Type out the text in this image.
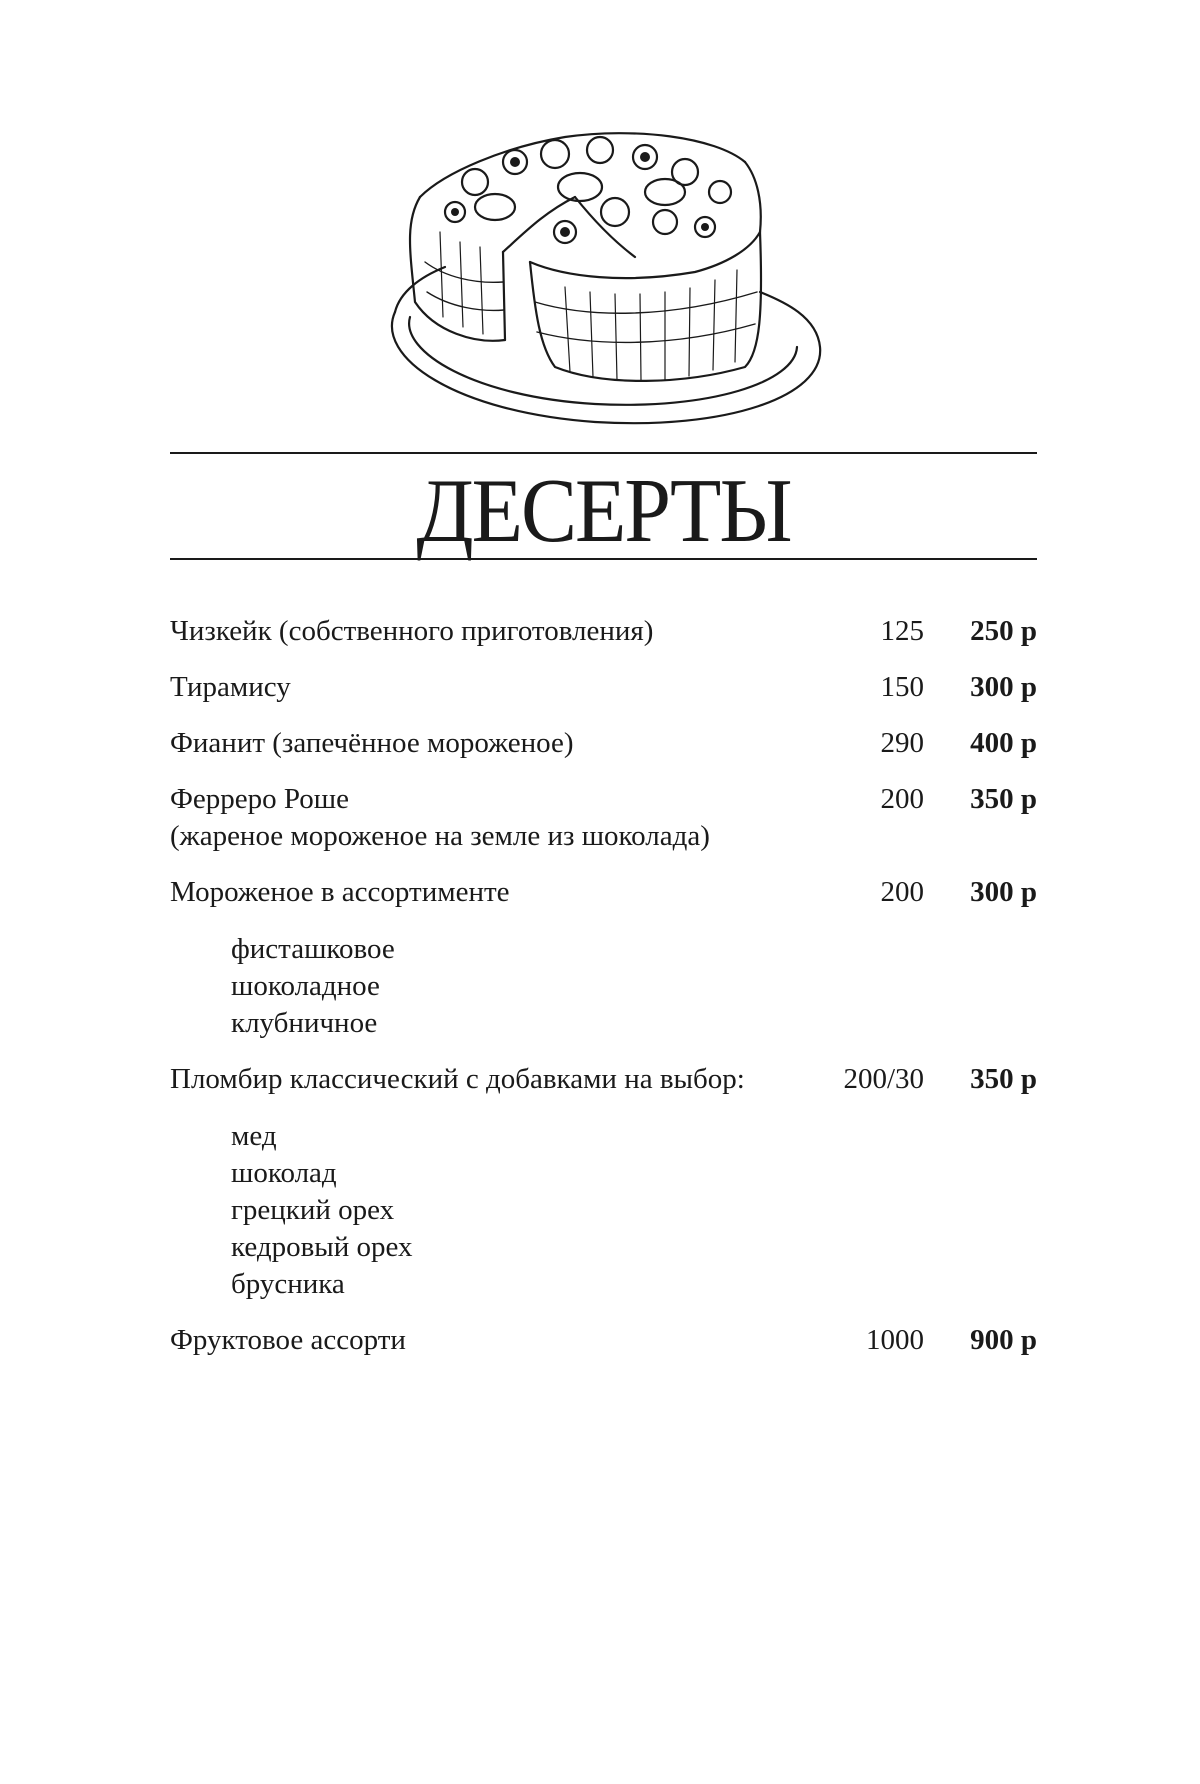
ДЕСЕРТЫ
Чизкейк (собственного приготовления)	125 250 р
Тирамису	150 300 р
Фианит (запечённое мороженое)	290 400 р
Ферреро Роше
(жареное мороженое на земле из шоколада)
200 350 р
Мороженое в ассортименте	200 300 р
фисташковое
шоколадное
клубничное
Пломбир классический с добавками на выбор:	200/30 350 р
мед
шоколад
грецкий орех
кедровый орех
брусника
Фруктовое ассорти	1000 900 р
